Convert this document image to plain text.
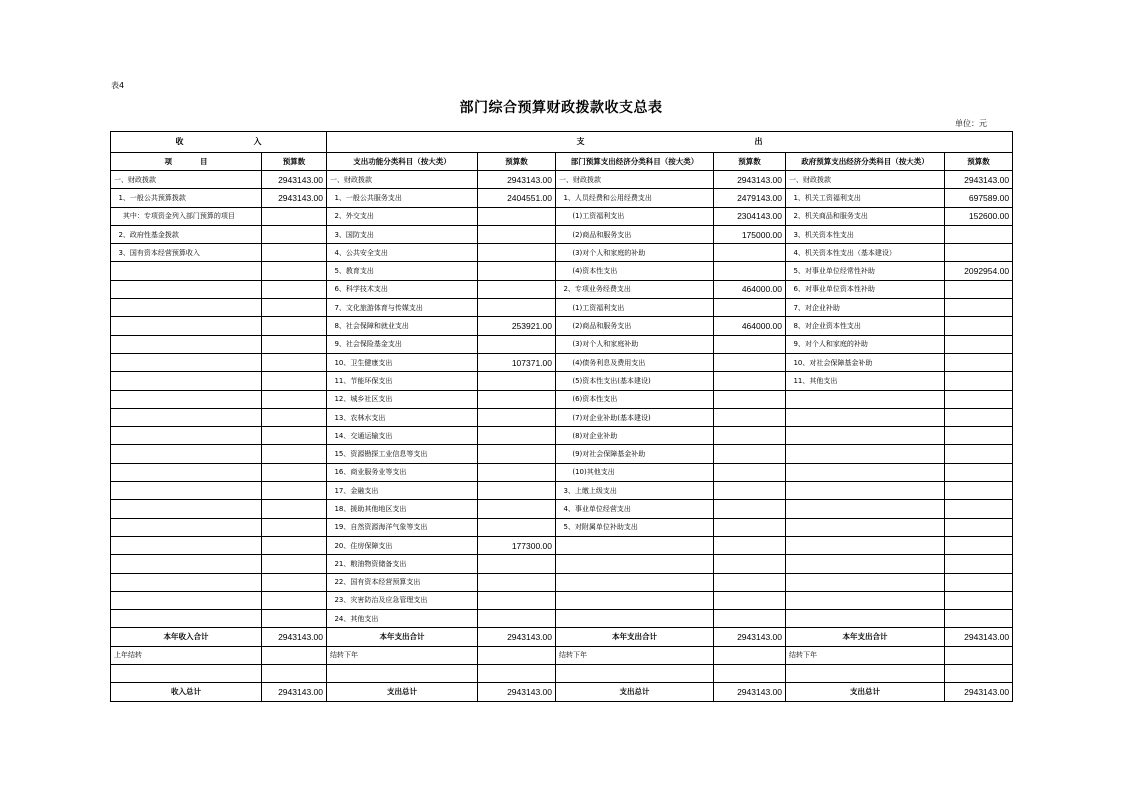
表4
部门综合预算财政拨款收支总表
单位：元
收 入		支 出					
项 目	预算数	支出功能分类科目（按大类）	预算数	部门预算支出经济分类科目（按大类）	预算数	政府预算支出经济分类科目（按大类）	预算数
一、财政拨款	2943143.00	一、财政拨款	2943143.00	一、财政拨款	2943143.00	一、财政拨款	2943143.00
1、一般公共预算拨款	2943143.00	1、一般公共服务支出	2404551.00	1、人员经费和公用经费支出	2479143.00	1、机关工资福利支出	697589.00
其中：专项资金列入部门预算的项目		2、外交支出		(1)工资福利支出	2304143.00	2、机关商品和服务支出	152600.00
2、政府性基金拨款		3、国防支出		(2)商品和服务支出	175000.00	3、机关资本性支出	
3、国有资本经营预算收入		4、公共安全支出		(3)对个人和家庭的补助		4、机关资本性支出（基本建设）	
		5、教育支出		(4)资本性支出		5、对事业单位经常性补助	2092954.00
		6、科学技术支出		2、专项业务经费支出	464000.00	6、对事业单位资本性补助	
		7、文化旅游体育与传媒支出		(1)工资福利支出		7、对企业补助	
		8、社会保障和就业支出	253921.00	(2)商品和服务支出	464000.00	8、对企业资本性支出	
		9、社会保险基金支出		(3)对个人和家庭补助		9、对个人和家庭的补助	
		10、卫生健康支出	107371.00	(4)债务利息及费用支出		10、对社会保障基金补助	
		11、节能环保支出		(5)资本性支出(基本建设)		11、其他支出	
		12、城乡社区支出		(6)资本性支出			
		13、农林水支出		(7)对企业补助(基本建设)			
		14、交通运输支出		(8)对企业补助			
		15、资源勘探工业信息等支出		(9)对社会保障基金补助			
		16、商业服务业等支出		(10)其他支出			
		17、金融支出		3、上缴上级支出			
		18、援助其他地区支出		4、事业单位经营支出			
		19、自然资源海洋气象等支出		5、对附属单位补助支出			
		20、住房保障支出	177300.00				
		21、粮油物资储备支出					
		22、国有资本经营预算支出					
		23、灾害防治及应急管理支出					
		24、其他支出					
本年收入合计	2943143.00	本年支出合计	2943143.00	本年支出合计	2943143.00	本年支出合计	2943143.00
上年结转		结转下年		结转下年		结转下年	

收入总计	2943143.00	支出总计	2943143.00	支出总计	2943143.00	支出总计	2943143.00
